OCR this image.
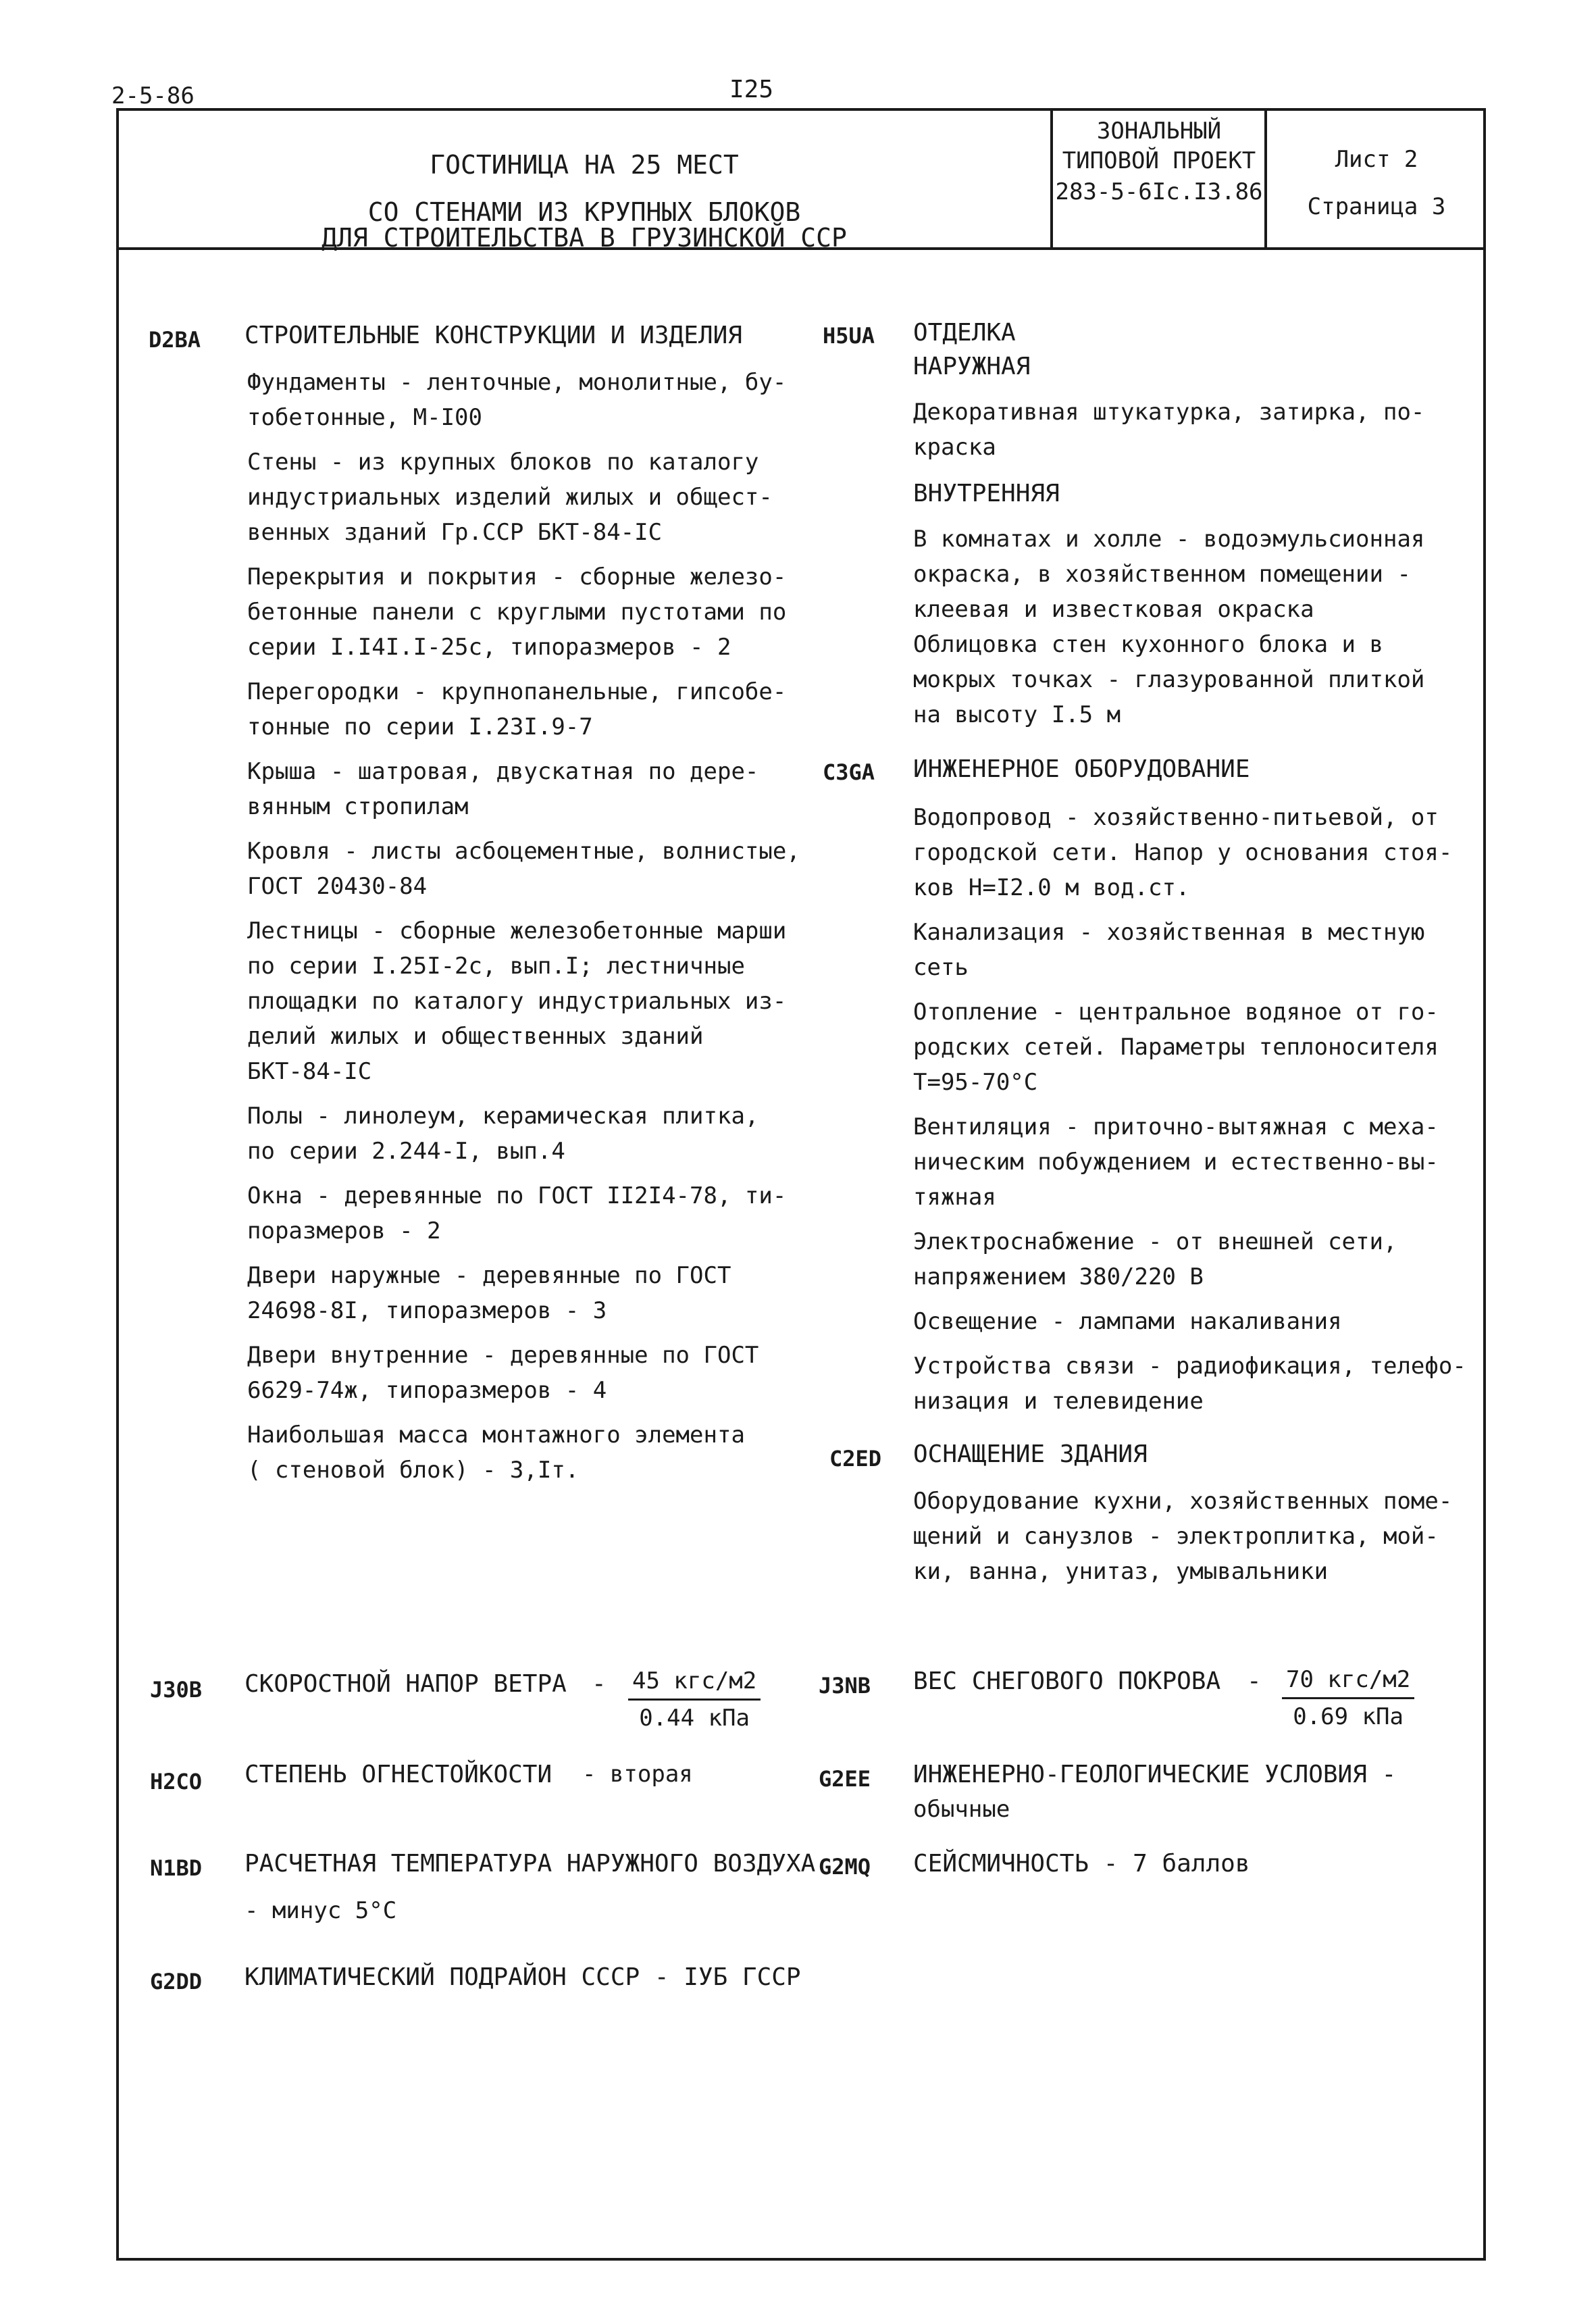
2-5-86	I25
ГОСТИНИЦА НА 25 МЕСТ
СО СТЕНАМИ ИЗ КРУПНЫХ БЛОКОВ
ДЛЯ СТРОИТЕЛЬСТВА В ГРУЗИНСКОЙ ССР
ЗОНАЛЬНЫЙ
ТИПОВОЙ ПРОЕКТ
283-5-6Iс.I3.86
Лист 2
Страница 3
D2BA СТРОИТЕЛЬНЫЕ КОНСТРУКЦИИ И ИЗДЕЛИЯ
Фундаменты - ленточные, монолитные, бу-
тобетонные, М-I00
Стены - из крупных блоков по каталогу
индустриальных изделий жилых и общест-
венных зданий Гр.ССР БКТ-84-IС
Перекрытия и покрытия - сборные железо-
бетонные панели с круглыми пустотами по
серии I.I4I.I-25с, типоразмеров - 2
Перегородки - крупнопанельные, гипсобе-
тонные по серии I.23I.9-7
Крыша - шатровая, двускатная по дере-
вянным стропилам
Кровля - листы асбоцементные, волнистые,
ГОСТ 20430-84
Лестницы - сборные железобетонные марши
по серии I.25I-2с, вып.I; лестничные
площадки по каталогу индустриальных из-
делий жилых и общественных зданий
БКТ-84-IС
Полы - линолеум, керамическая плитка,
по серии 2.244-I, вып.4
Окна - деревянные по ГОСТ II2I4-78, ти-
поразмеров - 2
Двери наружные - деревянные по ГОСТ
24698-8I, типоразмеров - 3
Двери внутренние - деревянные по ГОСТ
6629-74ж, типоразмеров - 4
Наибольшая масса монтажного элемента
( стеновой блок) - 3,Iт.
H5UA ОТДЕЛКА
НАРУЖНАЯ
Декоративная штукатурка, затирка, по-
краска
ВНУТРЕННЯЯ
В комнатах и холле - водоэмульсионная
окраска, в хозяйственном помещении -
клеевая и известковая окраска
Облицовка стен кухонного блока и в
мокрых точках - глазурованной плиткой
на высоту I.5 м
C3GA ИНЖЕНЕРНОЕ ОБОРУДОВАНИЕ
Водопровод - хозяйственно-питьевой, от
городской сети. Напор у основания стоя-
ков Н=I2.0 м вод.ст.
Канализация - хозяйственная в местную
сеть
Отопление - центральное водяное от го-
родских сетей. Параметры теплоносителя
Т=95-70°С
Вентиляция - приточно-вытяжная с меха-
ническим побуждением и естественно-вы-
тяжная
Электроснабжение - от внешней сети,
напряжением 380/220 В
Освещение - лампами накаливания
Устройства связи - радиофикация, телефо-
низация и телевидение
C2ED ОСНАЩЕНИЕ ЗДАНИЯ
Оборудование кухни, хозяйственных поме-
щений и санузлов - электроплитка, мой-
ки, ванна, унитаз, умывальники
J30B СКОРОСТНОЙ НАПОР ВЕТРА - 45 кгс/м2
0.44 кПа
J3NB ВЕС СНЕГОВОГО ПОКРОВА - 70 кгс/м2
0.69 кПа
H2CO СТЕПЕНЬ ОГНЕСТОЙКОСТИ - вторая	G2EE ИНЖЕНЕРНО-ГЕОЛОГИЧЕСКИЕ УСЛОВИЯ -
обычные
N1BD РАСЧЕТНАЯ ТЕМПЕРАТУРА НАРУЖНОГО ВОЗДУХА
- минус 5°С
G2MQ СЕЙСМИЧНОСТЬ - 7 баллов
G2DD КЛИМАТИЧЕСКИЙ ПОДРАЙОН СССР - IУБ ГССР
